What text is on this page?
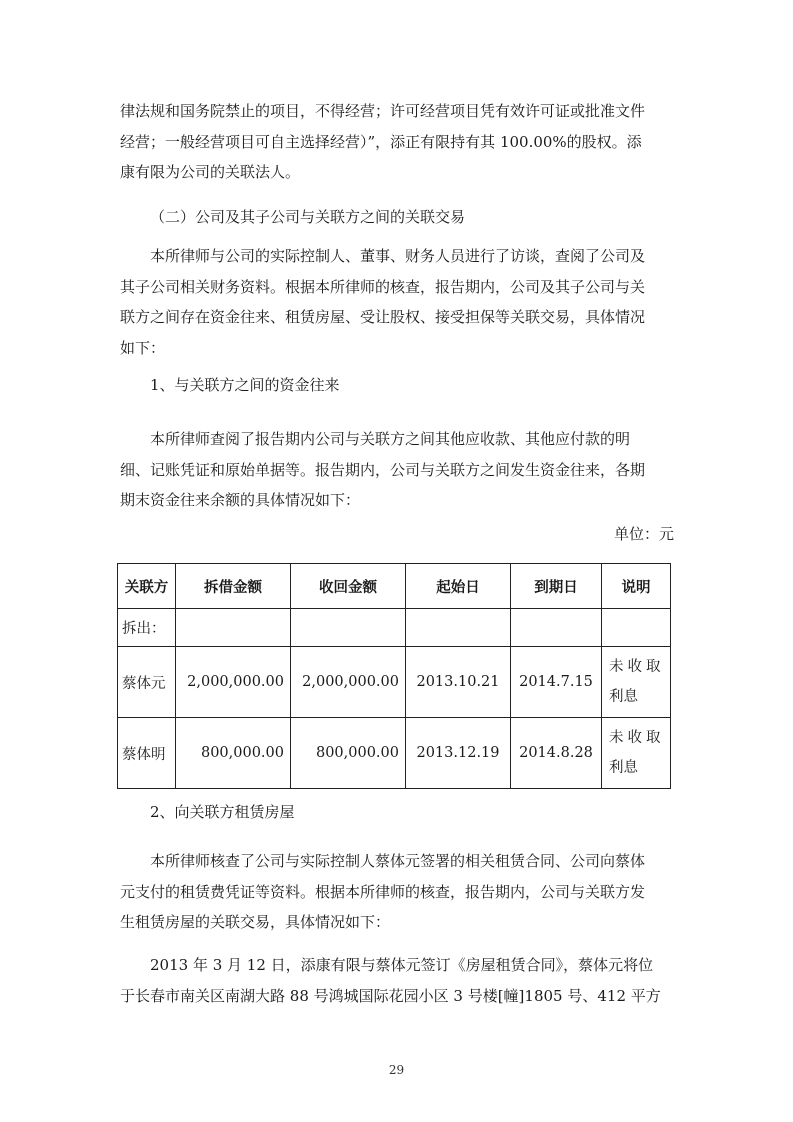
律法规和国务院禁止的项目，不得经营；许可经营项目凭有效许可证或批准文件
经营；一般经营项目可自主选择经营）”，添正有限持有其 100.00%的股权。添
康有限为公司的关联法人。

（二）公司及其子公司与关联方之间的关联交易

本所律师与公司的实际控制人、董事、财务人员进行了访谈，查阅了公司及
其子公司相关财务资料。根据本所律师的核查，报告期内，公司及其子公司与关
联方之间存在资金往来、租赁房屋、受让股权、接受担保等关联交易，具体情况
如下：

1、与关联方之间的资金往来

本所律师查阅了报告期内公司与关联方之间其他应收款、其他应付款的明
细、记账凭证和原始单据等。报告期内，公司与关联方之间发生资金往来，各期
期末资金往来余额的具体情况如下：

单位：元
关联方	拆借金额	收回金额	起始日	到期日	说明
拆出：					
蔡体元	2,000,000.00	2,000,000.00	2013.10.21	2014.7.15	未收取
利息

蔡体明	800,000.00	800,000.00	2013.12.19	2014.8.28	未收取
利息

2、向关联方租赁房屋

本所律师核查了公司与实际控制人蔡体元签署的相关租赁合同、公司向蔡体
元支付的租赁费凭证等资料。根据本所律师的核查，报告期内，公司与关联方发
生租赁房屋的关联交易，具体情况如下：

2013 年 3 月 12 日，添康有限与蔡体元签订《房屋租赁合同》，蔡体元将位
于长春市南关区南湖大路 88 号鸿城国际花园小区 3 号楼[幢]1805 号、412 平方

29
